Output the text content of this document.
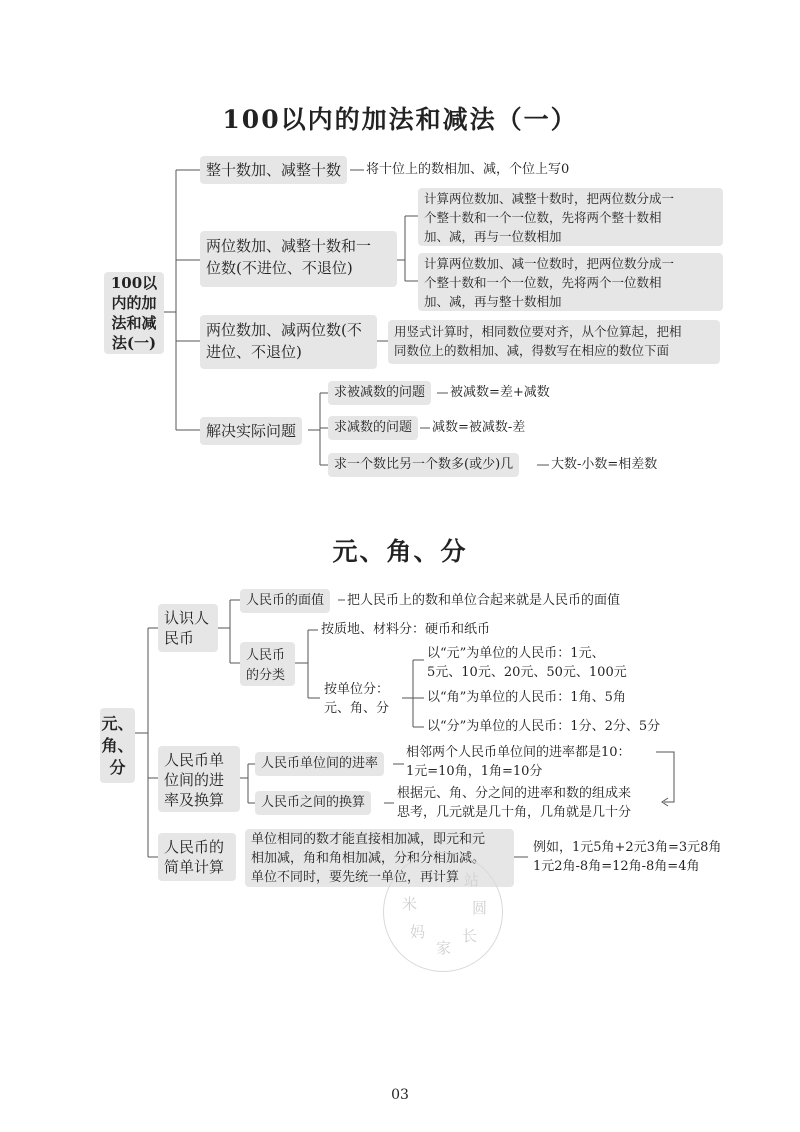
100以内的加法和减法（一）
100以
内的加
法和减
法(一)
整十数加、减整十数	将十位上的数相加、减，个位上写0
两位数加、减整十数和一
位数(不进位、不退位)
计算两位数加、减整十数时，把两位数分成一
个整十数和一个一位数，先将两个整十数相
加、减，再与一位数相加
计算两位数加、减一位数时，把两位数分成一
个整十数和一个一位数，先将两个一位数相
加、减，再与整十数相加
两位数加、减两位数(不
进位、不退位)
用竖式计算时，相同数位要对齐，从个位算起，把相
同数位上的数相加、减，得数写在相应的数位下面
解决实际问题
求被减数的问题	被减数=差+减数
求减数的问题	减数=被减数-差
求一个数比另一个数多(或少)几	大数-小数=相差数
元、角、分
元、
角、
分
认识人
民币
人民币的面值	把人民币上的数和单位合起来就是人民币的面值
人民币
的分类
按质地、材料分：硬币和纸币
按单位分：
元、角、分
以“元”为单位的人民币：1元、
5元、10元、20元、50元、100元
以“角”为单位的人民币：1角、5角
以“分”为单位的人民币：1分、2分、5分
人民币单
位间的进
率及换算
人民币单位间的进率
相邻两个人民币单位间的进率都是10：
1元=10角，1角=10分
人民币之间的换算
根据元、角、分之间的进率和数的组成来
思考，几元就是几十角，几角就是几十分
人民币的
简单计算
单位相同的数才能直接相加减，即元和元
相加减，角和角相加减，分和分相加减。
单位不同时，要先统一单位，再计算
例如，1元5角+2元3角=3元8角
1元2角-8角=12角-8角=4角
米
妈
家
长
圆
站
03
